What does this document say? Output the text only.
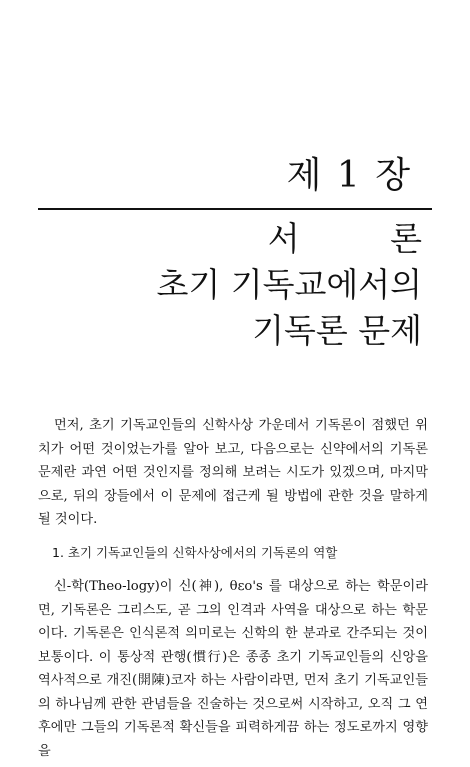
제 1 장
서 론
초기 기독교에서의
기독론 문제

먼저, 초기 기독교인들의 신학사상 가운데서 기독론이 점했던 위치가 어떤 것이었는가를 알아 보고, 다음으로는 신약에서의 기독론 문제란 과연 어떤 것인지를 정의해 보려는 시도가 있겠으며, 마지막으로, 뒤의 장들에서 이 문제에 접근케 될 방법에 관한 것을 말하게 될 것이다.

1. 초기 기독교인들의 신학사상에서의 기독론의 역할

신-학(Theo-logy)이 신(神), θεο's 를 대상으로 하는 학문이라면, 기독론은 그리스도, 곧 그의 인격과 사역을 대상으로 하는 학문이다. 기독론은 인식론적 의미로는 신학의 한 분과로 간주되는 것이 보통이다. 이 통상적 관행(慣行)은 종종 초기 기독교인들의 신앙을 역사적으로 개진(開陳)코자 하는 사람이라면, 먼저 초기 기독교인들의 하나님께 관한 관념들을 진술하는 것으로써 시작하고, 오직 그 연후에만 그들의 기독론적 확신들을 피력하게끔 하는 정도로까지 영향을
